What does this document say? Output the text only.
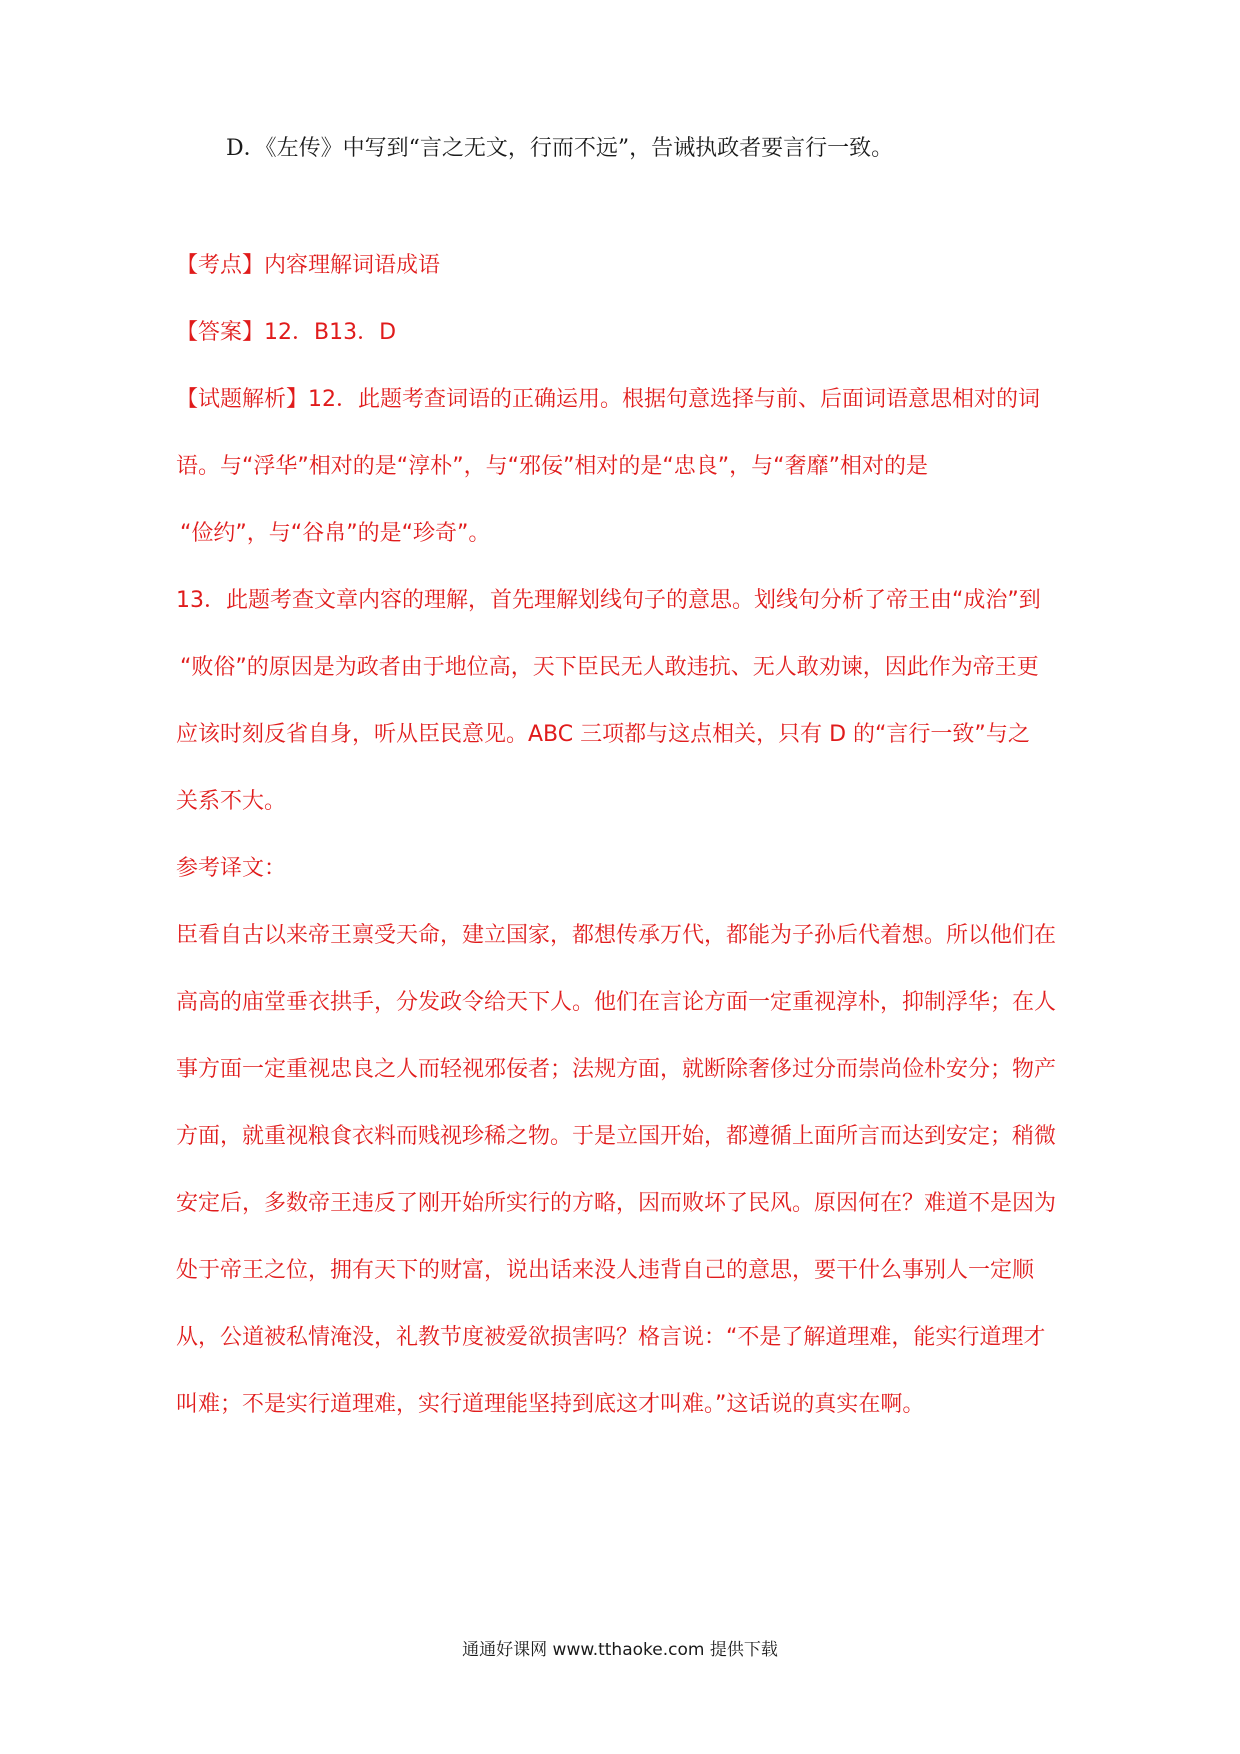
D．《左传》中写到“言之无文，行而不远”，告诫执政者要言行一致。
【考点】内容理解词语成语
【答案】12．B13．D
【试题解析】12．此题考查词语的正确运用。根据句意选择与前、后面词语意思相对的词
语。与“浮华”相对的是“淳朴”，与“邪佞”相对的是“忠良”，与“奢靡”相对的是
“俭约”，与“谷帛”的是“珍奇”。
13．此题考查文章内容的理解，首先理解划线句子的意思。划线句分析了帝王由“成治”到
“败俗”的原因是为政者由于地位高，天下臣民无人敢违抗、无人敢劝谏，因此作为帝王更
应该时刻反省自身，听从臣民意见。ABC 三项都与这点相关，只有 D 的“言行一致”与之
关系不大。
参考译文：
臣看自古以来帝王禀受天命，建立国家，都想传承万代，都能为子孙后代着想。所以他们在
高高的庙堂垂衣拱手，分发政令给天下人。他们在言论方面一定重视淳朴，抑制浮华；在人
事方面一定重视忠良之人而轻视邪佞者；法规方面，就断除奢侈过分而崇尚俭朴安分；物产
方面，就重视粮食衣料而贱视珍稀之物。于是立国开始，都遵循上面所言而达到安定；稍微
安定后，多数帝王违反了刚开始所实行的方略，因而败坏了民风。原因何在？难道不是因为
处于帝王之位，拥有天下的财富，说出话来没人违背自己的意思，要干什么事别人一定顺
从，公道被私情淹没，礼教节度被爱欲损害吗？格言说：“不是了解道理难，能实行道理才
叫难；不是实行道理难，实行道理能坚持到底这才叫难。”这话说的真实在啊。
通通好课网 www.tthaoke.com 提供下载
